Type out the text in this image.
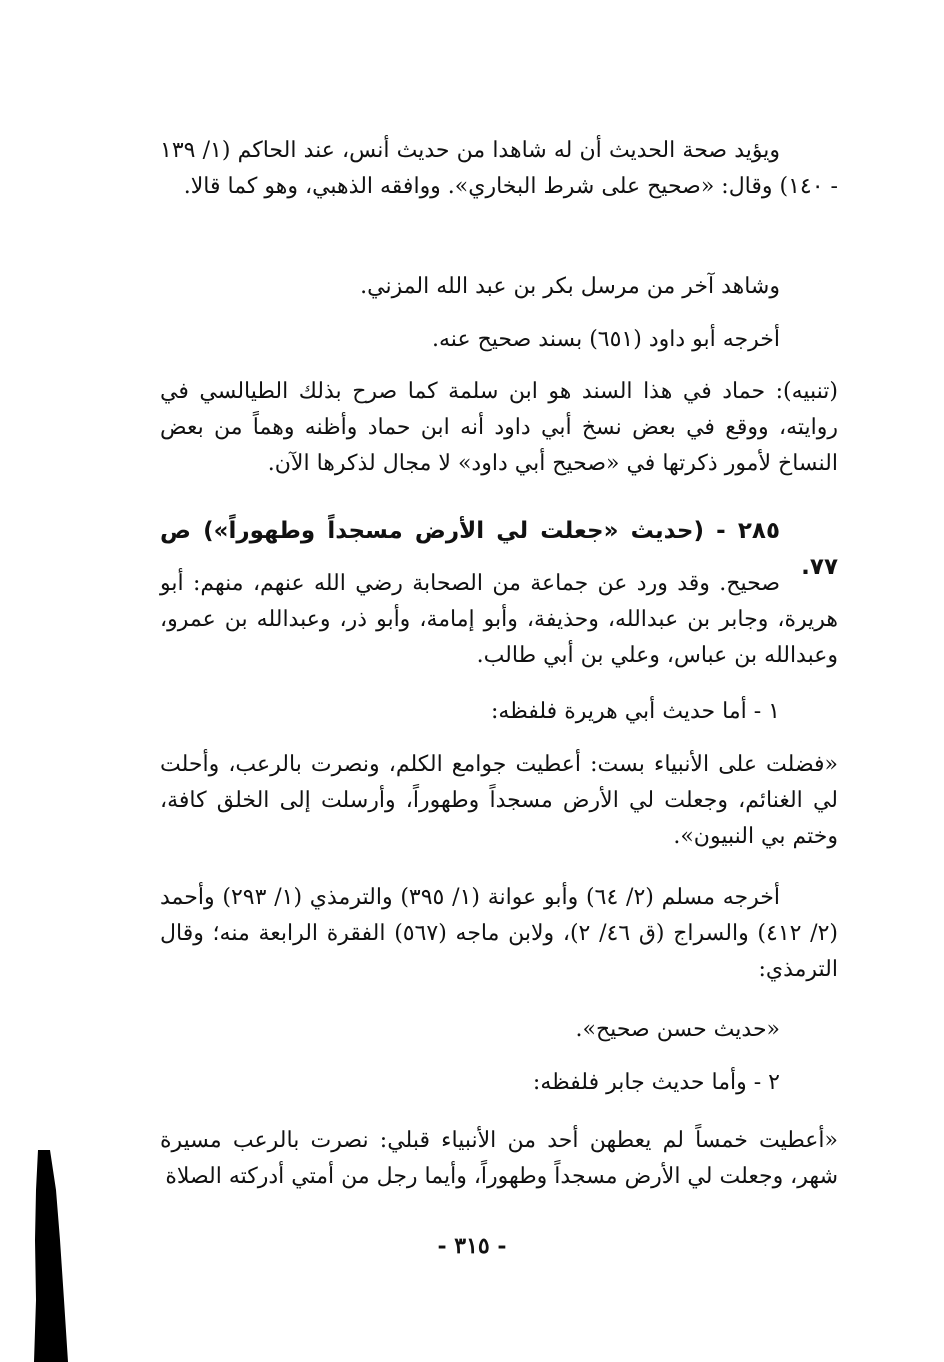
ويؤيد صحة الحديث أن له شاهدا من حديث أنس، عند الحاكم (١/ ١٣٩ - ١٤٠) وقال: «صحيح على شرط البخاري». ووافقه الذهبي، وهو كما قالا.
وشاهد آخر من مرسل بكر بن عبد الله المزني.
أخرجه أبو داود (٦٥١) بسند صحيح عنه.
(تنبيه): حماد في هذا السند هو ابن سلمة كما صرح بذلك الطيالسي في روايته، ووقع في بعض نسخ أبي داود أنه ابن حماد وأظنه وهماً من بعض النساخ لأمور ذكرتها في «صحيح أبي داود» لا مجال لذكرها الآن.
٢٨٥ - (حديث «جعلت لي الأرض مسجداً وطهوراً») ص ٧٧.
صحيح. وقد ورد عن جماعة من الصحابة رضي الله عنهم، منهم: أبو هريرة، وجابر بن عبدالله، وحذيفة، وأبو إمامة، وأبو ذر، وعبدالله بن عمرو، وعبدالله بن عباس، وعلي بن أبي طالب.
١ - أما حديث أبي هريرة فلفظه:
«فضلت على الأنبياء بست: أعطيت جوامع الكلم، ونصرت بالرعب، وأحلت لي الغنائم، وجعلت لي الأرض مسجداً وطهوراً، وأرسلت إلى الخلق كافة، وختم بي النبيون».
أخرجه مسلم (٢/ ٦٤) وأبو عوانة (١/ ٣٩٥) والترمذي (١/ ٢٩٣) وأحمد (٢/ ٤١٢) والسراج (ق ٤٦/ ٢)، ولابن ماجه (٥٦٧) الفقرة الرابعة منه؛ وقال الترمذي:
«حديث حسن صحيح».
٢ - وأما حديث جابر فلفظه:
«أعطيت خمساً لم يعطهن أحد من الأنبياء قبلي: نصرت بالرعب مسيرة شهر، وجعلت لي الأرض مسجداً وطهوراً، وأيما رجل من أمتي أدركته الصلاة
- ٣١٥ -
